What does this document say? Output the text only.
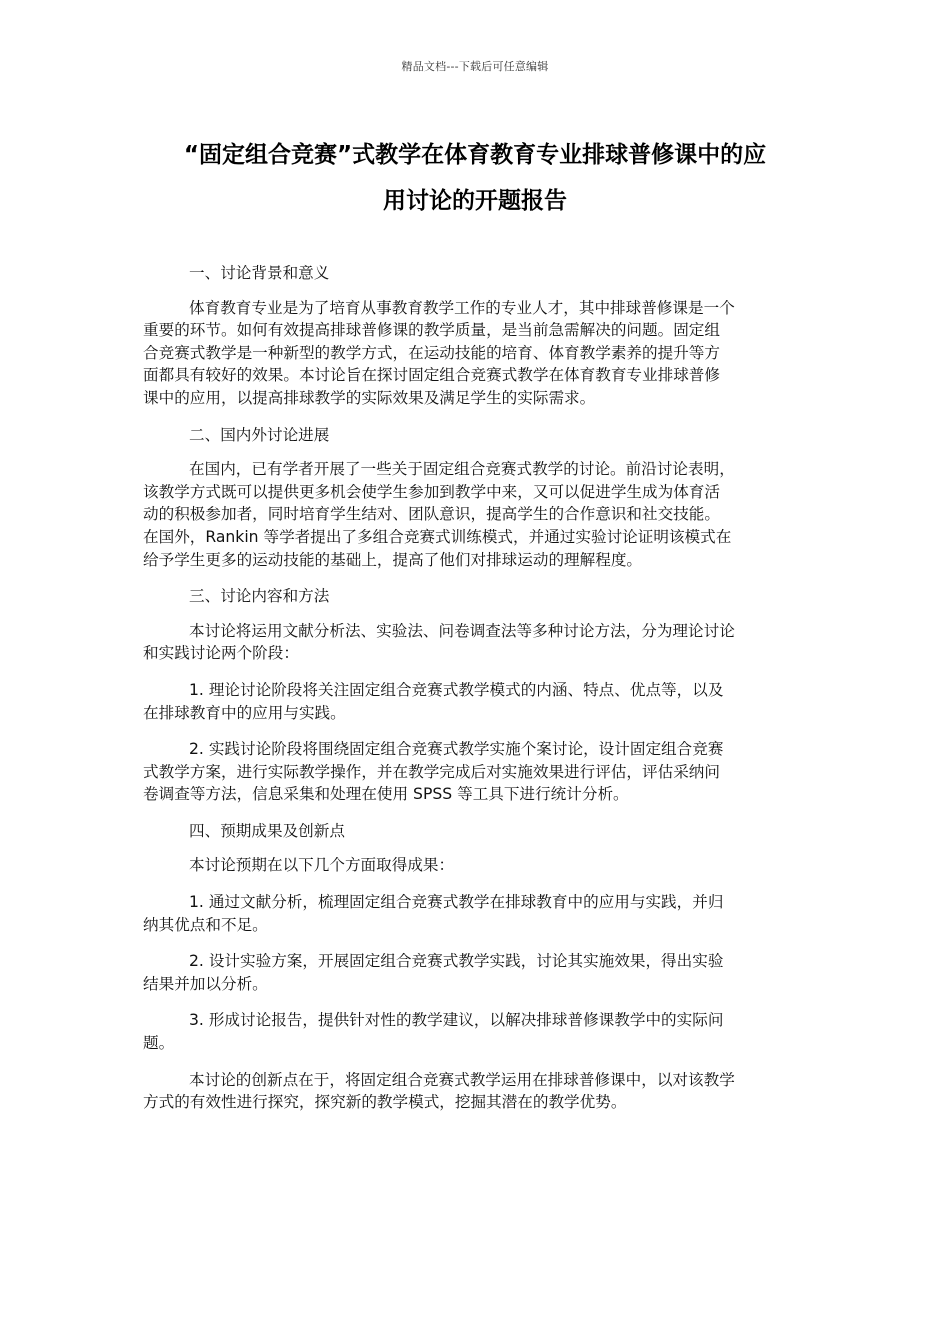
精品文档---下载后可任意编辑
“固定组合竞赛”式教学在体育教育专业排球普修课中的应
用讨论的开题报告

一、讨论背景和意义

体育教育专业是为了培育从事教育教学工作的专业人才，其中排球普修课是一个
重要的环节。如何有效提高排球普修课的教学质量，是当前急需解决的问题。固定组
合竞赛式教学是一种新型的教学方式，在运动技能的培育、体育教学素养的提升等方
面都具有较好的效果。本讨论旨在探讨固定组合竞赛式教学在体育教育专业排球普修
课中的应用，以提高排球教学的实际效果及满足学生的实际需求。

二、国内外讨论进展

在国内，已有学者开展了一些关于固定组合竞赛式教学的讨论。前沿讨论表明，
该教学方式既可以提供更多机会使学生参加到教学中来，又可以促进学生成为体育活
动的积极参加者，同时培育学生结对、团队意识，提高学生的合作意识和社交技能。
在国外，Rankin 等学者提出了多组合竞赛式训练模式，并通过实验讨论证明该模式在
给予学生更多的运动技能的基础上，提高了他们对排球运动的理解程度。

三、讨论内容和方法

本讨论将运用文献分析法、实验法、问卷调查法等多种讨论方法，分为理论讨论
和实践讨论两个阶段：

1. 理论讨论阶段将关注固定组合竞赛式教学模式的内涵、特点、优点等，以及
在排球教育中的应用与实践。

2. 实践讨论阶段将围绕固定组合竞赛式教学实施个案讨论，设计固定组合竞赛
式教学方案，进行实际教学操作，并在教学完成后对实施效果进行评估，评估采纳问
卷调查等方法，信息采集和处理在使用 SPSS 等工具下进行统计分析。

四、预期成果及创新点

本讨论预期在以下几个方面取得成果：

1. 通过文献分析，梳理固定组合竞赛式教学在排球教育中的应用与实践，并归
纳其优点和不足。

2. 设计实验方案，开展固定组合竞赛式教学实践，讨论其实施效果，得出实验
结果并加以分析。

3. 形成讨论报告，提供针对性的教学建议，以解决排球普修课教学中的实际问
题。

本讨论的创新点在于，将固定组合竞赛式教学运用在排球普修课中，以对该教学
方式的有效性进行探究，探究新的教学模式，挖掘其潜在的教学优势。
